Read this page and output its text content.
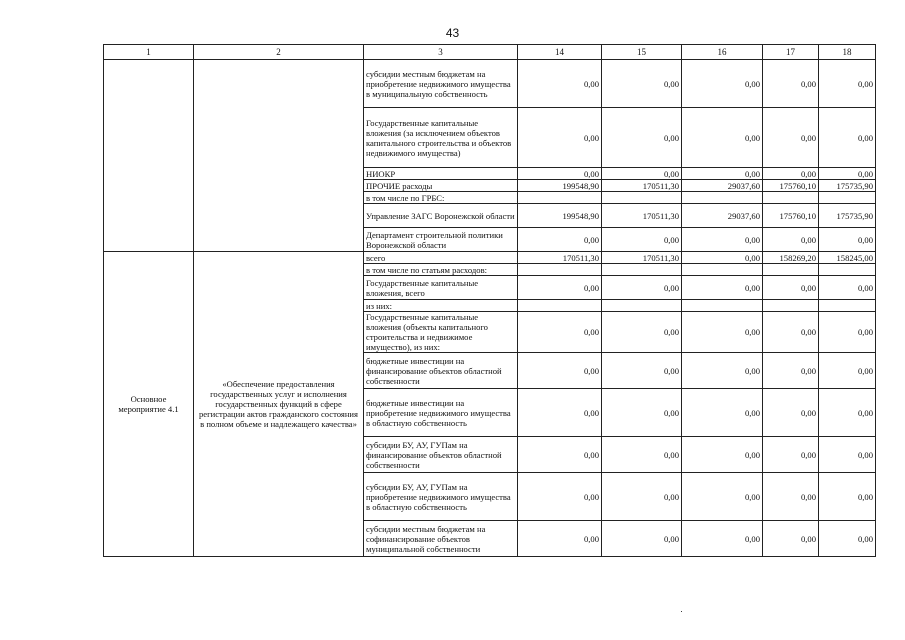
43
1	2	3	14	15	16	17	18
		субсидии местным бюджетам на приобретение недвижимого имущества в муниципальную собственность	0,00	0,00	0,00	0,00	0,00
		Государственные капитальные вложения (за исключением объектов капитального строительства и объектов недвижимого имущества)	0,00	0,00	0,00	0,00	0,00
		НИОКР	0,00	0,00	0,00	0,00	0,00
		ПРОЧИЕ расходы	199548,90	170511,30	29037,60	175760,10	175735,90
		в том числе по ГРБС:					
		Управление ЗАГС Воронежской области	199548,90	170511,30	29037,60	175760,10	175735,90
		Департамент строительной политики Воронежской области	0,00	0,00	0,00	0,00	0,00
Основное мероприятие 4.1	«Обеспечение предоставления государственных услуг и исполнения государственных функций в сфере регистрации актов гражданского состояния в полном объеме и надлежащего качества»	всего	170511,30	170511,30	0,00	158269,20	158245,00
		в том числе по статьям расходов:					
		Государственные капитальные вложения, всего	0,00	0,00	0,00	0,00	0,00
		из них:					
		Государственные капитальные вложения (объекты капитального строительства и недвижимое имущество), из них:	0,00	0,00	0,00	0,00	0,00
		бюджетные инвестиции на финансирование объектов областной собственности	0,00	0,00	0,00	0,00	0,00
		бюджетные инвестиции на приобретение недвижимого имущества в областную собственность	0,00	0,00	0,00	0,00	0,00
		субсидии БУ, АУ, ГУПам на финансирование объектов областной собственности	0,00	0,00	0,00	0,00	0,00
		субсидии БУ, АУ, ГУПам на приобретение недвижимого имущества в областную собственность	0,00	0,00	0,00	0,00	0,00
		субсидии местным бюджетам на софинансирование объектов муниципальной собственности	0,00	0,00	0,00	0,00	0,00
·
